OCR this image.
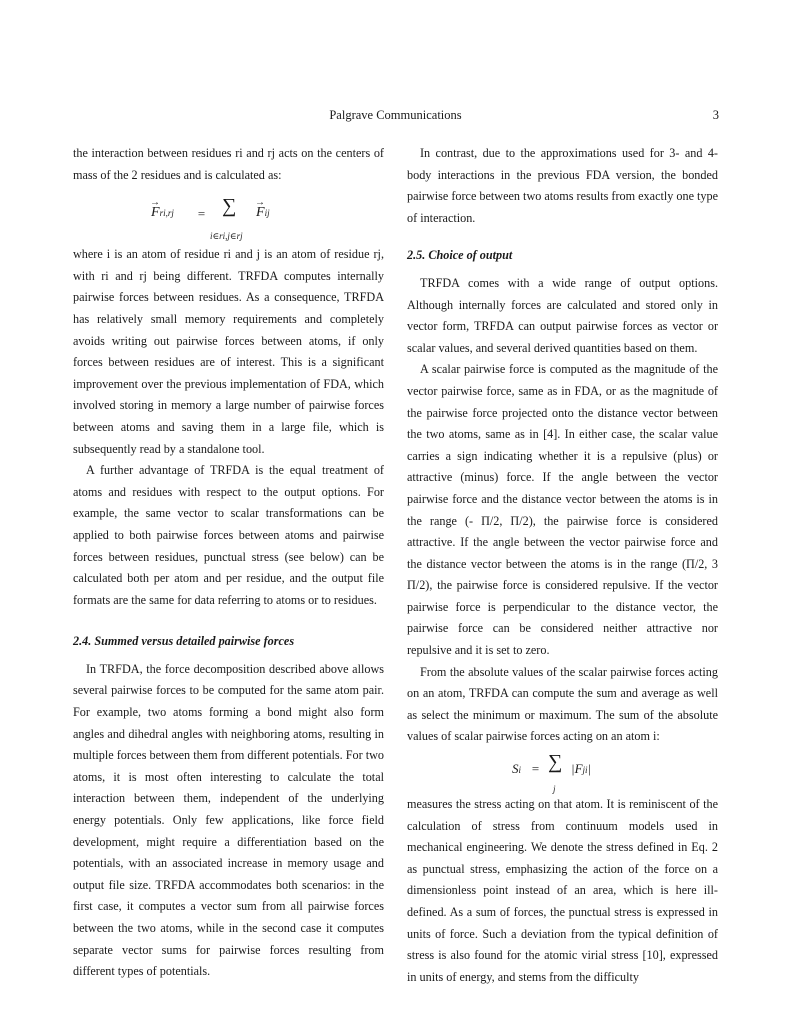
Palgrave Communications	3

the interaction between residues ri and rj acts on the centers of mass of the 2 residues and is calculated as:

→
Fri,rj = ∑
i∈ri,j∈rj
→
Fij

where i is an atom of residue ri and j is an atom of residue rj, with ri and rj being different. TRFDA computes internally pairwise forces between residues. As a consequence, TRFDA has relatively small memory requirements and completely avoids writing out pairwise forces between atoms, if only forces between residues are of interest. This is a significant improvement over the previous implementation of FDA, which involved storing in memory a large number of pairwise forces between atoms and saving them in a large file, which is subsequently read by a standalone tool.

A further advantage of TRFDA is the equal treatment of atoms and residues with respect to the output options. For example, the same vector to scalar transformations can be applied to both pairwise forces between atoms and pairwise forces between residues, punctual stress (see below) can be calculated both per atom and per residue, and the output file formats are the same for data referring to atoms or to residues.

2.4. Summed versus detailed pairwise forces

In TRFDA, the force decomposition described above allows several pairwise forces to be computed for the same atom pair. For example, two atoms forming a bond might also form angles and dihedral angles with neighboring atoms, resulting in multiple forces between them from different potentials. For two atoms, it is most often interesting to calculate the total interaction between them, independent of the underlying energy potentials. Only few applications, like force field development, might require a differentiation based on the potentials, with an associated increase in memory usage and output file size. TRFDA accommodates both scenarios: in the first case, it computes a vector sum from all pairwise forces between the two atoms, while in the second case it computes separate vector sums for pairwise forces resulting from different types of potentials.

In contrast, due to the approximations used for 3- and 4-body interactions in the previous FDA version, the bonded pairwise force between two atoms results from exactly one type of interaction.

2.5. Choice of output

TRFDA comes with a wide range of output options. Although internally forces are calculated and stored only in vector form, TRFDA can output pairwise forces as vector or scalar values, and several derived quantities based on them.

A scalar pairwise force is computed as the magnitude of the vector pairwise force, same as in FDA, or as the magnitude of the pairwise force projected onto the distance vector between the two atoms, same as in [4]. In either case, the scalar value carries a sign indicating whether it is a repulsive (plus) or attractive (minus) force. If the angle between the vector pairwise force and the distance vector between the atoms is in the range (- Π/2, Π/2), the pairwise force is considered attractive. If the angle between the vector pairwise force and the distance vector between the atoms is in the range (Π/2, 3 Π/2), the pairwise force is considered repulsive. If the vector pairwise force is perpendicular to the distance vector, the pairwise force can be considered neither attractive nor repulsive and it is set to zero.

From the absolute values of the scalar pairwise forces acting on an atom, TRFDA can compute the sum and average as well as select the minimum or maximum. The sum of the absolute values of scalar pairwise forces acting on an atom i:

Si = ∑
j
|Fji|

measures the stress acting on that atom. It is reminiscent of the calculation of stress from continuum models used in mechanical engineering. We denote the stress defined in Eq. 2 as punctual stress, emphasizing the action of the force on a dimensionless point instead of an area, which is here ill-defined. As a sum of forces, the punctual stress is expressed in units of force. Such a deviation from the typical definition of stress is also found for the atomic virial stress [10], expressed in units of energy, and stems from the difficulty
